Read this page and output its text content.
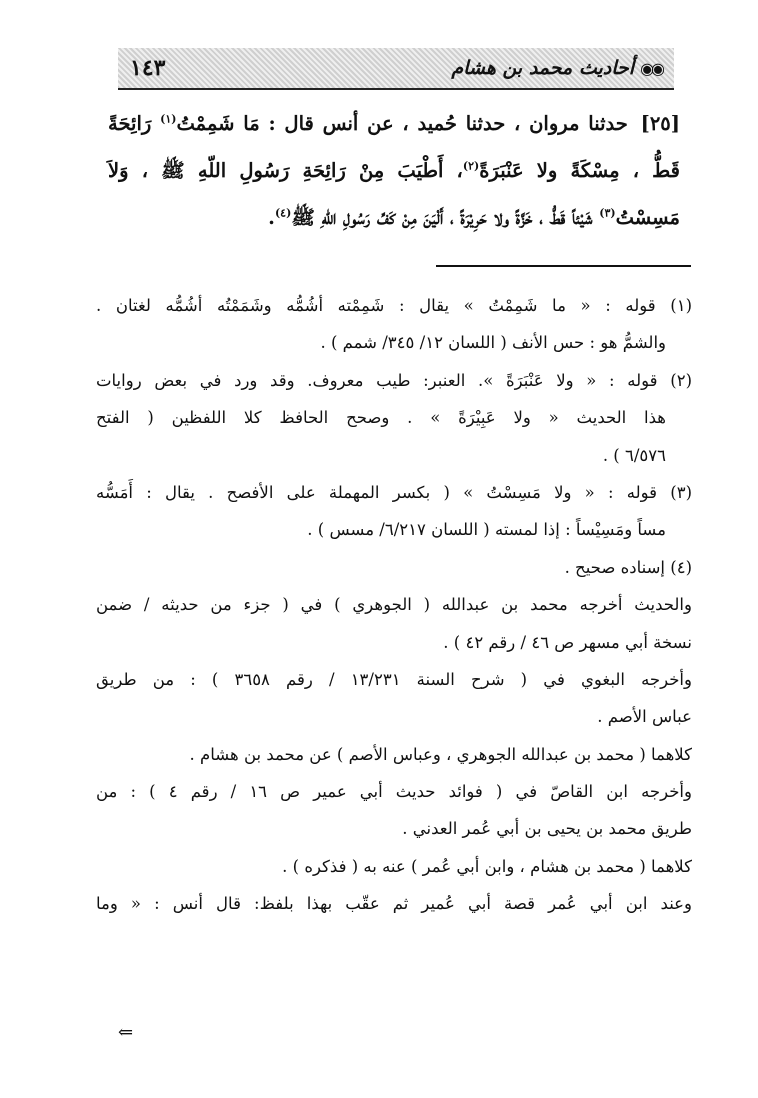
◉◉
أحاديث محمد بن هشام
١٤٣
[٢٥] حدثنا مروان ، حدثنا حُميد ، عن أنس قال : مَا شَمِمْتُ$^{(١)}$ رَائِحَةً قَطُّ ، مِسْكَةً ولا عَنْبَرَةً$^{(٢)}$، أَطْيَبَ مِنْ رَائِحَةِ رَسُولِ اللّهِ ﷺ ، وَلاَ مَسِسْتُ$^{(٣)}$ شَيْئاً قَطُّ ، خَزَّةً ولا حَرِيْرَةً ، أَلْيَنَ مِنْ كَفِّ رَسُولِ اللّهِ ﷺ$^{(٤)}$.
(١) قوله : « ما شَمِمْتُ » يقال : شَمِمْته أشُمُّه وشَمَمْتُه أشُمُّه لغتان .
والشمُّ هو : حس الأنف ( اللسان ١٢/ ٣٤٥/ شمم ) .
(٢) قوله : « ولا عَنْبَرَةً ». العنبر: طيب معروف. وقد ورد في بعض روايات
هذا الحديث « ولا عَبِيْرَةً » . وصحح الحافظ كلا اللفظين ( الفتح
٦/٥٧٦ ) .
(٣) قوله : « ولا مَسِسْتُ » ( بكسر المهملة على الأفصح . يقال : أَمَسُّه
مساً ومَسِيْساً : إذا لمسته ( اللسان ٦/٢١٧/ مسس ) .
(٤) إسناده صحيح .
والحديث أخرجه محمد بن عبدالله ( الجوهري ) في ( جزء من حديثه / ضمن
نسخة أبي مسهر ص ٤٦ / رقم ٤٢ ) .
وأخرجه البغوي في ( شرح السنة ١٣/٢٣١ / رقم ٣٦٥٨ ) : من طريق
عباس الأصم .
كلاهما ( محمد بن عبدالله الجوهري ، وعباس الأصم ) عن محمد بن هشام .
وأخرجه ابن القاصّ في ( فوائد حديث أبي عمير ص ١٦ / رقم ٤ ) : من
طريق محمد بن يحيى بن أبي عُمر العدني .
كلاهما ( محمد بن هشام ، وابن أبي عُمر ) عنه به ( فذكره ) .
وعند ابن أبي عُمر قصة أبي عُمير ثم عقّب بهذا بلفظ: قال أنس : « وما
⇐
